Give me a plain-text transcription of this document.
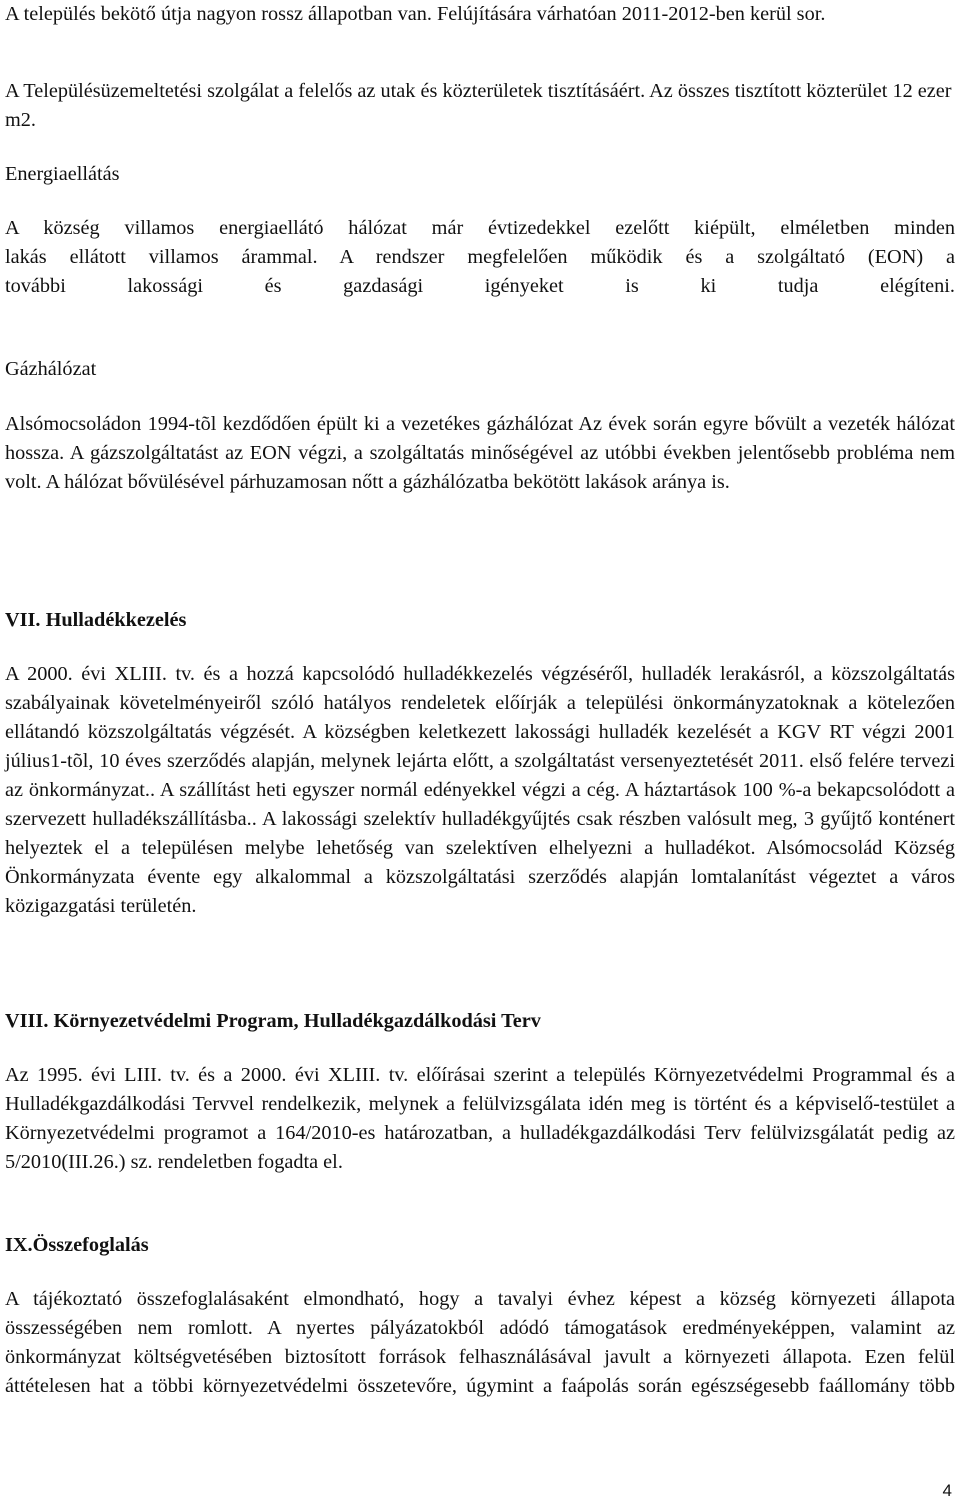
A település bekötő útja nagyon rossz állapotban van. Felújítására várhatóan 2011-2012-ben kerül sor.

A Településüzemeltetési szolgálat a felelős az utak és közterületek tisztításáért. Az összes tisztított közterület 12 ezer m2.

Energiaellátás

A község villamos energiaellátó hálózat már évtizedekkel ezelőtt kiépült, elméletben minden

lakás ellátott villamos árammal. A rendszer megfelelően működik és a szolgáltató (EON) a

további lakossági és gazdasági igényeket is ki tudja elégíteni.

Gázhálózat

Alsómocsoládon 1994-tõl kezdődően épült ki a vezetékes gázhálózat Az évek során egyre bővült a vezeték hálózat hossza. A gázszolgáltatást az EON végzi, a szolgáltatás minőségével az utóbbi években jelentősebb probléma nem volt. A hálózat bővülésével párhuzamosan nőtt a gázhálózatba bekötött lakások aránya is.

VII. Hulladékkezelés

A 2000. évi XLIII. tv. és a hozzá kapcsolódó hulladékkezelés végzéséről, hulladék lerakásról, a közszolgáltatás szabályainak követelményeiről szóló hatályos rendeletek előírják a települési önkormányzatoknak a kötelezően ellátandó közszolgáltatás végzését. A községben keletkezett lakossági hulladék kezelését a KGV RT végzi 2001 július1-tõl, 10 éves szerződés alapján, melynek lejárta előtt, a szolgáltatást versenyeztetését 2011. első felére tervezi az önkormányzat.. A szállítást heti egyszer normál edényekkel végzi a cég. A háztartások 100 %-a bekapcsolódott a szervezett hulladékszállításba.. A lakossági szelektív hulladékgyűjtés csak részben valósult meg, 3 gyűjtő konténert helyeztek el a településen melybe lehetőség van szelektíven elhelyezni a hulladékot. Alsómocsolád Község Önkormányzata évente egy alkalommal a közszolgáltatási szerződés alapján lomtalanítást végeztet a város közigazgatási területén.

VIII. Környezetvédelmi Program, Hulladékgazdálkodási Terv

Az 1995. évi LIII. tv. és a 2000. évi XLIII. tv. előírásai szerint a település Környezetvédelmi Programmal és a Hulladékgazdálkodási Tervvel rendelkezik, melynek a felülvizsgálata idén meg is történt és a képviselő-testület a Környezetvédelmi programot a 164/2010-es határozatban, a hulladékgazdálkodási Terv felülvizsgálatát pedig az 5/2010(III.26.) sz. rendeletben fogadta el.

IX.Összefoglalás

A tájékoztató összefoglalásaként elmondható, hogy a tavalyi évhez képest a község környezeti állapota összességében nem romlott. A nyertes pályázatokból adódó támogatások eredményeképpen, valamint az önkormányzat költségvetésében biztosított források felhasználásával javult a környezeti állapota. Ezen felül áttételesen hat a többi környezetvédelmi összetevőre, úgymint a faápolás során egészségesebb faállomány több

4
